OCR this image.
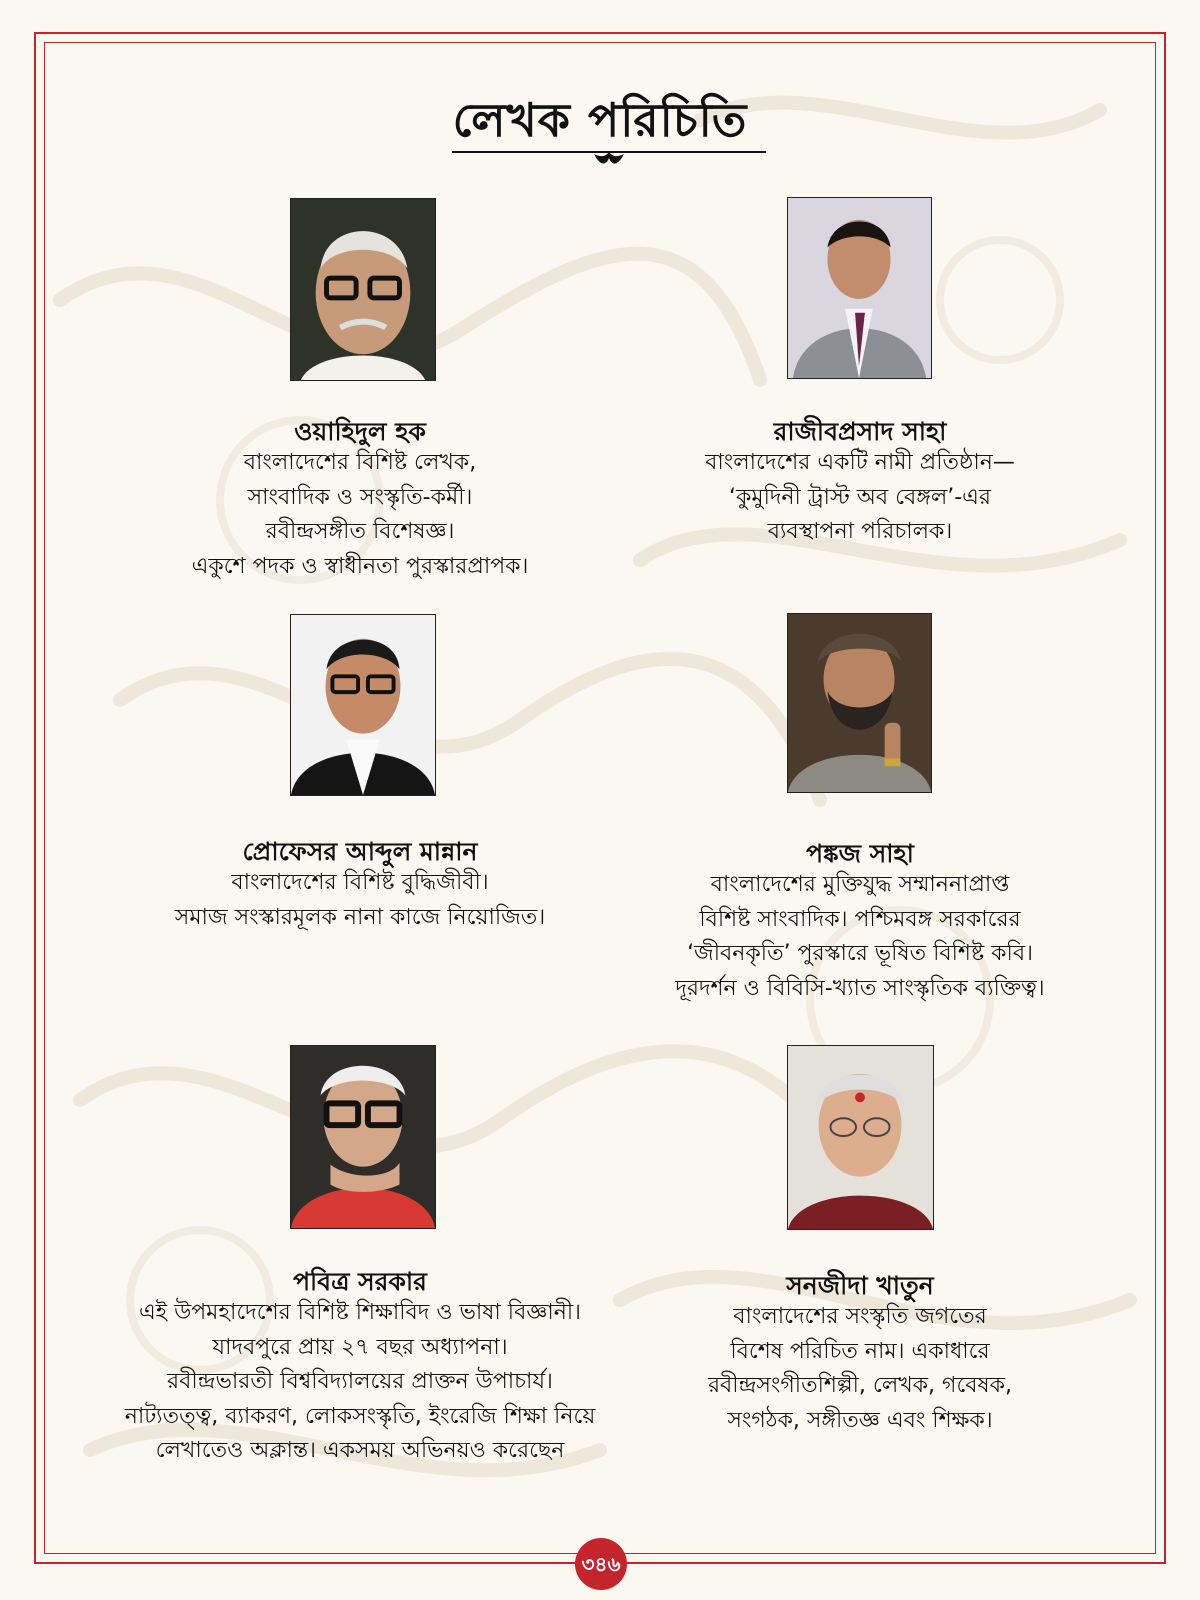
লেখক পরিচিতি
ওয়াহিদুল হক
বাংলাদেশের বিশিষ্ট লেখক,
সাংবাদিক ও সংস্কৃতি-কর্মী।
রবীন্দ্রসঙ্গীত বিশেষজ্ঞ।
একুশে পদক ও স্বাধীনতা পুরস্কারপ্রাপক।
রাজীবপ্রসাদ সাহা
বাংলাদেশের একটি নামী প্রতিষ্ঠান—
‘কুমুদিনী ট্রাস্ট অব বেঙ্গল’-এর
ব্যবস্থাপনা পরিচালক।
প্রোফেসর আব্দুল মান্নান
বাংলাদেশের বিশিষ্ট বুদ্ধিজীবী।
সমাজ সংস্কারমূলক নানা কাজে নিয়োজিত।
পঙ্কজ সাহা
বাংলাদেশের মুক্তিযুদ্ধ সম্মাননাপ্রাপ্ত
বিশিষ্ট সাংবাদিক। পশ্চিমবঙ্গ সরকারের
‘জীবনকৃতি’ পুরস্কারে ভূষিত বিশিষ্ট কবি।
দূরদর্শন ও বিবিসি-খ্যাত সাংস্কৃতিক ব্যক্তিত্ব।
পবিত্র সরকার
এই উপমহাদেশের বিশিষ্ট শিক্ষাবিদ ও ভাষা বিজ্ঞানী।
যাদবপুরে প্রায় ২৭ বছর অধ্যাপনা।
রবীন্দ্রভারতী বিশ্ববিদ্যালয়ের প্রাক্তন উপাচার্য।
নাট্যতত্ত্ব, ব্যাকরণ, লোকসংস্কৃতি, ইংরেজি শিক্ষা নিয়ে
লেখাতেও অক্লান্ত। একসময় অভিনয়ও করেছেন
সনজীদা খাতুন
বাংলাদেশের সংস্কৃতি জগতের
বিশেষ পরিচিত নাম। একাধারে
রবীন্দ্রসংগীতশিল্পী, লেখক, গবেষক,
সংগঠক, সঙ্গীতজ্ঞ এবং শিক্ষক।
৩৪৬
